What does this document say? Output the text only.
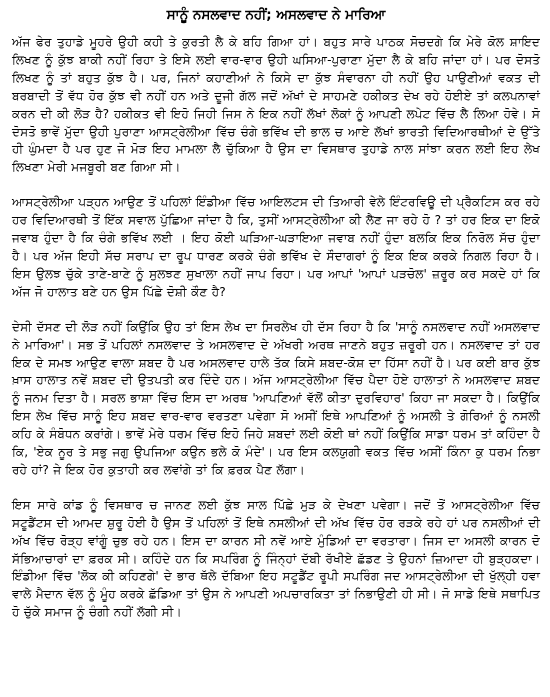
ਸਾਨੂੰ ਨਸਲਵਾਦ ਨਹੀਂ; ਅਸਲਵਾਦ ਨੇ ਮਾਰਿਆ

ਅੱਜ ਫੇਰ ਤੁਹਾਡੇ ਮੂਹਰੇ ਉਹੀ ਕਹੀ ਤੇ ਕੁਰਤੀ ਲੈ ਕੇ ਬਹਿ ਗਿਆ ਹਾਂ। ਬਹੁਤ ਸਾਰੇ ਪਾਠਕ ਸੋਚਦਗੇ ਕਿ ਮੇਰੇ ਕੋਲ ਸ਼ਾਇਦ ਲਿਖਣ ਨੂੰ ਕੁੱਝ ਬਾਕੀ ਨਹੀਂ ਰਿਹਾ ਤੇ ਇਸੇ ਲਈ ਵਾਰ-ਵਾਰ ਉਹੀ ਘਸਿਆ-ਪੁਰਾਣਾ ਮੁੱਦਾ ਲੈ ਕੇ ਬਹਿ ਜਾਂਦਾ ਹਾਂ। ਪਰ ਦੋਸਤੋ ਲਿਖਣ ਨੂੰ ਤਾਂ ਬਹੁਤ ਕੁੱਝ ਹੈ। ਪਰ, ਜਿਨਾਂ ਕਹਾਣੀਆਂ ਨੇ ਕਿਸੇ ਦਾ ਕੁੱਝ ਸੰਵਾਰਨਾ ਹੀ ਨਹੀਂ ਉਹ ਪਾਉਣੀਆਂ ਵਕਤ ਦੀ ਬਰਬਾਦੀ ਤੋਂ ਵੱਧ ਹੋਰ ਕੁੱਝ ਵੀ ਨਹੀਂ ਹਨ ਅਤੇ ਦੂਜੀ ਗੱਲ ਜਦੋਂ ਅੱਖਾਂ ਦੇ ਸਾਹਮਣੇ ਹਕੀਕਤ ਦੇਖ ਰਹੇ ਹੋਈਏ ਤਾਂ ਕਲਪਨਾਵਾਂ ਕਰਨ ਦੀ ਕੀ ਲੋੜ ਹੈ? ਹਕੀਕਤ ਵੀ ਇਹੋ ਜਿਹੀ ਜਿਸ ਨੇ ਇਕ ਨਹੀਂ ਲੱਖਾਂ ਲੋਕਾਂ ਨੂੰ ਆਪਣੀ ਲਪੇਟ ਵਿੱਚ ਲੈ ਲਿਆ ਹੋਵੇ। ਸੋ ਦੋਸਤੋ ਭਾਵੇਂ ਮੁੱਦਾ ਉਹੀ ਪੁਰਾਣਾ ਆਸਟ੍ਰੇਲੀਆ ਵਿੱਚ ਚੰਗੇ ਭਵਿੱਖ ਦੀ ਭਾਲ ਚ ਆਏ ਲੱਖਾਂ ਭਾਰਤੀ ਵਿਦਿਆਰਥੀਆਂ ਦੇ ਉੱਤੇ ਹੀ ਘੁੰਮਦਾ ਹੈ ਪਰ ਹੁਣ ਜੋ ਮੋੜ ਇਹ ਮਾਮਲਾ ਲੈ ਚੁੱਕਿਆ ਹੈ ਉਸ ਦਾ ਵਿਸਥਾਰ ਤੁਹਾਡੇ ਨਾਲ ਸਾਂਝਾ ਕਰਨ ਲਈ ਇਹ ਲੇਖ ਲਿਖਣਾ ਮੇਰੀ ਮਜਬੂਰੀ ਬਣ ਗਿਆ ਸੀ।

ਆਸਟ੍ਰੇਲੀਆ ਪੜ੍ਹਨ ਆਉਣ ਤੋਂ ਪਹਿਲਾਂ ਇੰਡੀਆ ਵਿੱਚ ਆਇਲਟਸ ਦੀ ਤਿਆਰੀ ਵੇਲੇ ਇੰਟਰਵਿਊ ਦੀ ਪ੍ਰੈਕਟਿਸ ਕਰ ਰਹੇ ਹਰ ਵਿਦਿਆਰਥੀ ਤੋਂ ਇੱਕ ਸਵਾਲ ਪੁੱਛਿਆ ਜਾਂਦਾ ਹੈ ਕਿ, ਤੁਸੀਂ ਆਸਟ੍ਰੇਲੀਆ ਕੀ ਲੈਣ ਜਾ ਰਹੇ ਹੋ ? ਤਾਂ ਹਰ ਇਕ ਦਾ ਇਕੋ ਜਵਾਬ ਹੁੰਦਾ ਹੈ ਕਿ ਚੰਗੇ ਭਵਿੱਖ ਲਈ । ਇਹ ਕੋਈ ਘੜਿਆ-ਘੜਾਇਆ ਜਵਾਬ ਨਹੀਂ ਹੁੰਦਾ ਬਲਕਿ ਇਕ ਨਿਰੋਲ ਸੱਚ ਹੁੰਦਾ ਹੈ। ਪਰ ਅੱਜ ਇਹੀ ਸੱਚ ਸਰਾਪ ਦਾ ਰੂਪ ਧਾਰਣ ਕਰਕੇ ਚੰਗੇ ਭਵਿੱਖ ਦੇ ਸੌਦਾਗਰਾਂ ਨੂੰ ਇਕ ਇਕ ਕਰਕੇ ਨਿਗਲ ਰਿਹਾ ਹੈ। ਇਸ ਉਲਝ ਚੁੱਕੇ ਤਾਣੇ-ਬਾਣੇ ਨੂੰ ਸੁਲਝਣ ਸੁਖਾਲਾ ਨਹੀਂ ਜਾਪ ਰਿਹਾ। ਪਰ ਆਪਾਂ 'ਆਪਾਂ ਪੜਚੋਲ' ਜ਼ਰੂਰ ਕਰ ਸਕਦੇ ਹਾਂ ਕਿ ਅੱਜ ਜੋ ਹਾਲਾਤ ਬਣੇ ਹਨ ਉਸ ਪਿੱਛੇ ਦੋਸ਼ੀ ਕੌਣ ਹੈ?

ਦੇਸੀ ਦੱਸਣ ਦੀ ਲੋੜ ਨਹੀਂ ਕਿਉਂਕਿ ਉਹ ਤਾਂ ਇਸ ਲੇਖ ਦਾ ਸਿਰਲੇਖ ਹੀ ਦੱਸ ਰਿਹਾ ਹੈ ਕਿ 'ਸਾਨੂੰ ਨਸਲਵਾਦ ਨਹੀਂ ਅਸਲਵਾਦ ਨੇ ਮਾਰਿਆ'। ਸਭ ਤੋਂ ਪਹਿਲਾਂ ਨਸਲਵਾਦ ਤੇ ਅਸਲਵਾਦ ਦੇ ਅੱਖਰੀ ਅਰਥ ਜਾਣਨੇ ਬਹੁਤ ਜ਼ਰੂਰੀ ਹਨ। ਨਸਲਵਾਦ ਤਾਂ ਹਰ ਇਕ ਦੇ ਸਮਝ ਆਉਣ ਵਾਲਾ ਸ਼ਬਦ ਹੈ ਪਰ ਅਸਲਵਾਦ ਹਾਲੇ ਤੱਕ ਕਿਸੇ ਸ਼ਬਦ-ਕੋਸ਼ ਦਾ ਹਿੱਸਾ ਨਹੀਂ ਹੈ। ਪਰ ਕਈ ਬਾਰ ਕੁੱਝ ਖ਼ਾਸ ਹਾਲਾਤ ਨਵੇਂ ਸ਼ਬਦ ਦੀ ਉਤਪਤੀ ਕਰ ਦਿੰਦੇ ਹਨ। ਅੱਜ ਆਸਟ੍ਰੇਲੀਆ ਵਿੱਚ ਪੈਦਾ ਹੋਏ ਹਾਲਾਤਾਂ ਨੇ ਅਸਲਵਾਦ ਸ਼ਬਦ ਨੂੰ ਜਨਮ ਦਿਤਾ ਹੈ। ਸਰਲ ਭਾਸ਼ਾ ਵਿੱਚ ਇਸ ਦਾ ਅਰਥ 'ਆਪਣਿਆਂ ਵੱਲੋਂ ਕੀਤਾ ਦੁਰਵਿਹਾਰ' ਕਿਹਾ ਜਾ ਸਕਦਾ ਹੈ। ਕਿਉਂਕਿ ਇਸ ਲੇਖ ਵਿੱਚ ਸਾਨੂੰ ਇਹ ਸ਼ਬਦ ਵਾਰ-ਵਾਰ ਵਰਤਣਾ ਪਵੇਗਾ ਸੋ ਅਸੀਂ ਇਥੇ ਆਪਣਿਆਂ ਨੂੰ ਅਸਲੀ ਤੇ ਗੋਰਿਆਂ ਨੂੰ ਨਸਲੀ ਕਹਿ ਕੇ ਸੰਬੋਧਨ ਕਰਾਂਗੇ। ਭਾਵੇਂ ਮੇਰੇ ਧਰਮ ਵਿੱਚ ਇਹੋ ਜਿਹੇ ਸ਼ਬਦਾਂ ਲਈ ਕੋਈ ਥਾਂ ਨਹੀਂ ਕਿਉਂਕਿ ਸਾਡਾ ਧਰਮ ਤਾਂ ਕਹਿੰਦਾ ਹੈ ਕਿ, 'ਏਕ ਨੂਰ ਤੇ ਸਭੁ ਜਗੁ ਉਪਜਿਆ ਕਉਨ ਭਲੇ ਕੋ ਮੰਦੇ'। ਪਰ ਇਸ ਕਲਯੁਗੀ ਵਕਤ ਵਿੱਚ ਅਸੀਂ ਕਿੰਨਾ ਕੁ ਧਰਮ ਨਿਭਾ ਰਹੇ ਹਾਂ? ਜੇ ਇਕ ਹੋਰ ਕੁਤਾਹੀ ਕਰ ਲਵਾਂਗੇ ਤਾਂ ਕਿ ਫ਼ਰਕ ਪੈਣ ਲੱਗਾ।

ਇਸ ਸਾਰੇ ਕਾਂਡ ਨੂੰ ਵਿਸਥਾਰ ਚ ਜਾਨਣ ਲਈ ਕੁੱਝ ਸਾਲ ਪਿੱਛੇ ਮੁੜ ਕੇ ਦੇਖਣਾ ਪਵੇਗਾ। ਜਦੋਂ ਤੋਂ ਆਸਟ੍ਰੇਲੀਆ ਵਿੱਚ ਸਟੂਡੈਂਟਸ ਦੀ ਆਮਦ ਸ਼ੁਰੂ ਹੋਈ ਹੈ ਉਸ ਤੋਂ ਪਹਿਲਾਂ ਤੋਂ ਇਥੇ ਨਸਲੀਆਂ ਦੀ ਅੱਖ ਵਿੱਚ ਹੋਰ ਰੜਕੇ ਰਹੇ ਹਾਂ ਪਰ ਨਸਲੀਆਂ ਦੀ ਅੱਖ ਵਿੱਚ ਰੋੜ੍ਹ ਵਾਂਗੂੰ ਚੁਭ ਰਹੇ ਹਨ। ਇਸ ਦਾ ਕਾਰਨ ਸੀ ਨਵੇਂ ਆਏ ਮੁੰਡਿਆਂ ਦਾ ਵਰਤਾਰਾ। ਜਿਸ ਦਾ ਅਸਲੀ ਕਾਰਨ ਦੋ ਸੱਭਿਆਚਾਰਾਂ ਦਾ ਫ਼ਰਕ ਸੀ। ਕਹਿੰਦੇ ਹਨ ਕਿ ਸਪਰਿੰਗ ਨੂੰ ਜਿੰਨ੍ਹਾਂ ਦੱਬੀ ਰੱਖੀਏ ਛੱਡਣ ਤੇ ਉਹਨਾਂ ਜ਼ਿਆਦਾ ਹੀ ਬੁੜ੍ਹਕਦਾ। ਇੰਡੀਆ ਵਿੱਚ 'ਲੋਕ ਕੀ ਕਹਿਣਗੇ' ਦੇ ਭਾਰ ਥੱਲੇ ਦੱਬਿਆ ਇਹ ਸਟੂਡੈਂਟ ਰੂਪੀ ਸਪਰਿੰਗ ਜਦ ਆਸਟ੍ਰੇਲੀਆ ਦੀ ਖੁੱਲ੍ਹੀ ਹਵਾ ਵਾਲੇ ਮੈਦਾਨ ਵੱਲ ਨੂੰ ਮੂੰਹ ਕਰਕੇ ਛੱਡਿਆ ਤਾਂ ਉਸ ਨੇ ਆਪਣੀ ਅਪਚਾਰਕਿਤਾ ਤਾਂ ਨਿਭਾਉਣੀ ਹੀ ਸੀ। ਜੋ ਸਾਡੇ ਇਥੇ ਸਥਾਪਿਤ ਹੋ ਚੁੱਕੇ ਸਮਾਜ ਨੂੰ ਚੰਗੀ ਨਹੀਂ ਲੱਗੀ ਸੀ।
